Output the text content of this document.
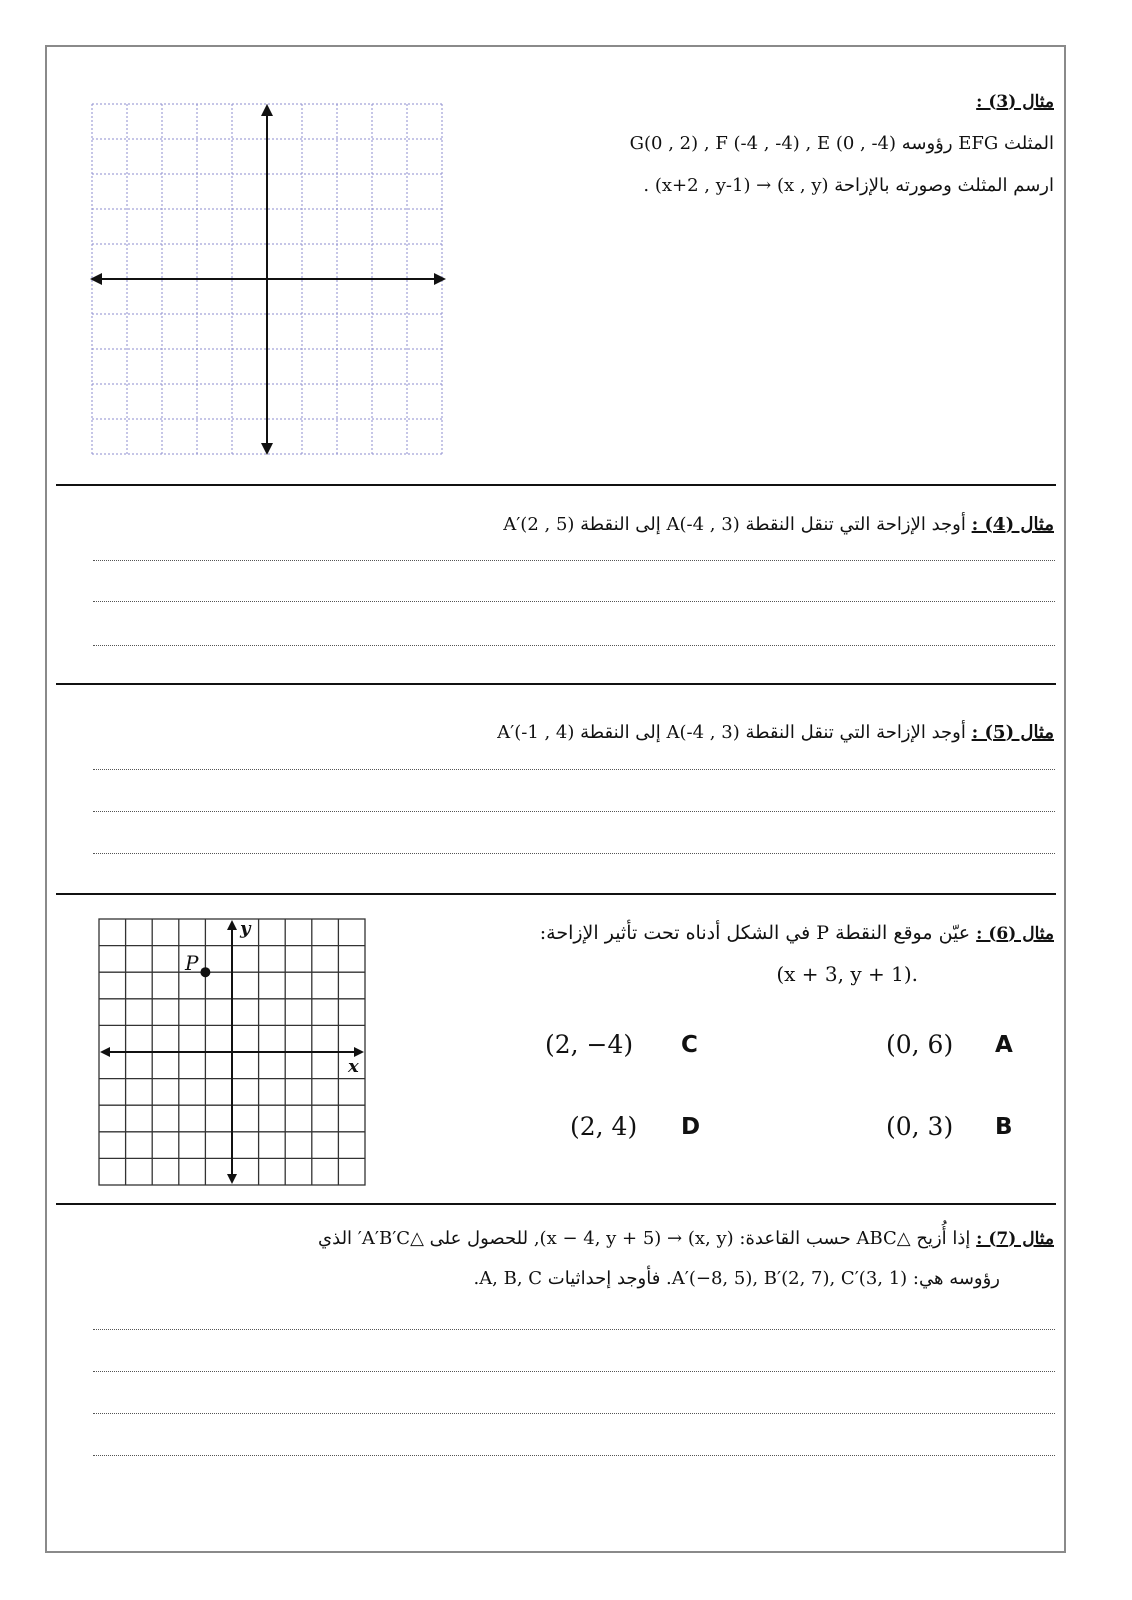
مثال (3) :
المثلث EFG رؤوسه G(0 , 2) , F (-4 , -4) , E (0 , -4)
ارسم المثلث وصورته بالإزاحة (x , y) → (x+2 , y-1) .
مثال (4) : أوجد الإزاحة التي تنقل النقطة A(-4 , 3) إلى النقطة A′(2 , 5)
مثال (5) : أوجد الإزاحة التي تنقل النقطة A(-4 , 3) إلى النقطة A′(-1 , 4)
y
x
P
مثال (6) : عيّن موقع النقطة P في الشكل أدناه تحت تأثير الإزاحة:
(x + 3, y + 1).
A
(0, 6)
B
(0, 3)
C
(2, −4)
D
(2, 4)
مثال (7) : إذا أُزيح △ABC حسب القاعدة: (x, y) → (x − 4, y + 5), للحصول على △A′B′C′ الذي
رؤوسه هي: A′(−8, 5), B′(2, 7), C′(3, 1). فأوجد إحداثيات A, B, C.
